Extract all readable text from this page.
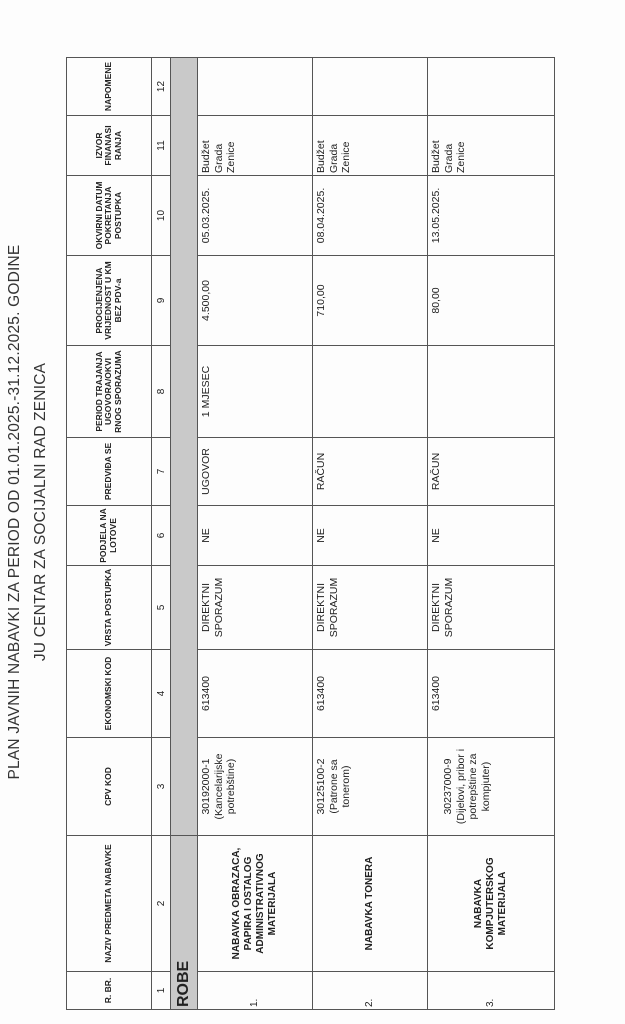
PLAN JAVNIH NABAVKI ZA PERIOD OD 01.01.2025.-31.12.2025. GODINE JU CENTAR ZA SOCIJALNI RAD ZENICA
R. BR.	NAZIV PREDMETA NABAVKE	CPV KOD	EKONOMSKI KOD	VRSTA POSTUPKA	PODJELA NA LOTOVE	PREDVIĐA SE	PERIOD TRAJANJA UGOVORA/OKVI RNOG SPORAZUMA	PROCIJENJENA VRIJEDNOST U KM BEZ PDV-a	OKVIRNI DATUM POKRETANJA POSTUPKA	IZVOR FINANASI RANJA	NAPOMENE
1	2	3	4	5	6	7	8	9	10	11	12
ROBE											
1.	NABAVKA OBRAZACA, PAPIRA I OSTALOG ADMINISTRATIVNOG MATERIJALA	30192000-1 (Kancelarijske potrebštine)	613400	DIREKTNI SPORAZUM	NE	UGOVOR	1 MJESEC	4.500,00	05.03.2025.	Budžet Grada Zenice	
2.	NABAVKA TONERA	30125100-2 (Patrone sa tonerom)	613400	DIREKTNI SPORAZUM	NE	RAČUN		710,00	08.04.2025.	Budžet Grada Zenice	
3.	NABAVKA KOMPJUTERSKOG MATERIJALA	30237000-9 (Dijelovi, pribor i potrepštine za kompjuter)	613400	DIREKTNI SPORAZUM	NE	RAČUN		80,00	13.05.2025.	Budžet Grada Zenice	
